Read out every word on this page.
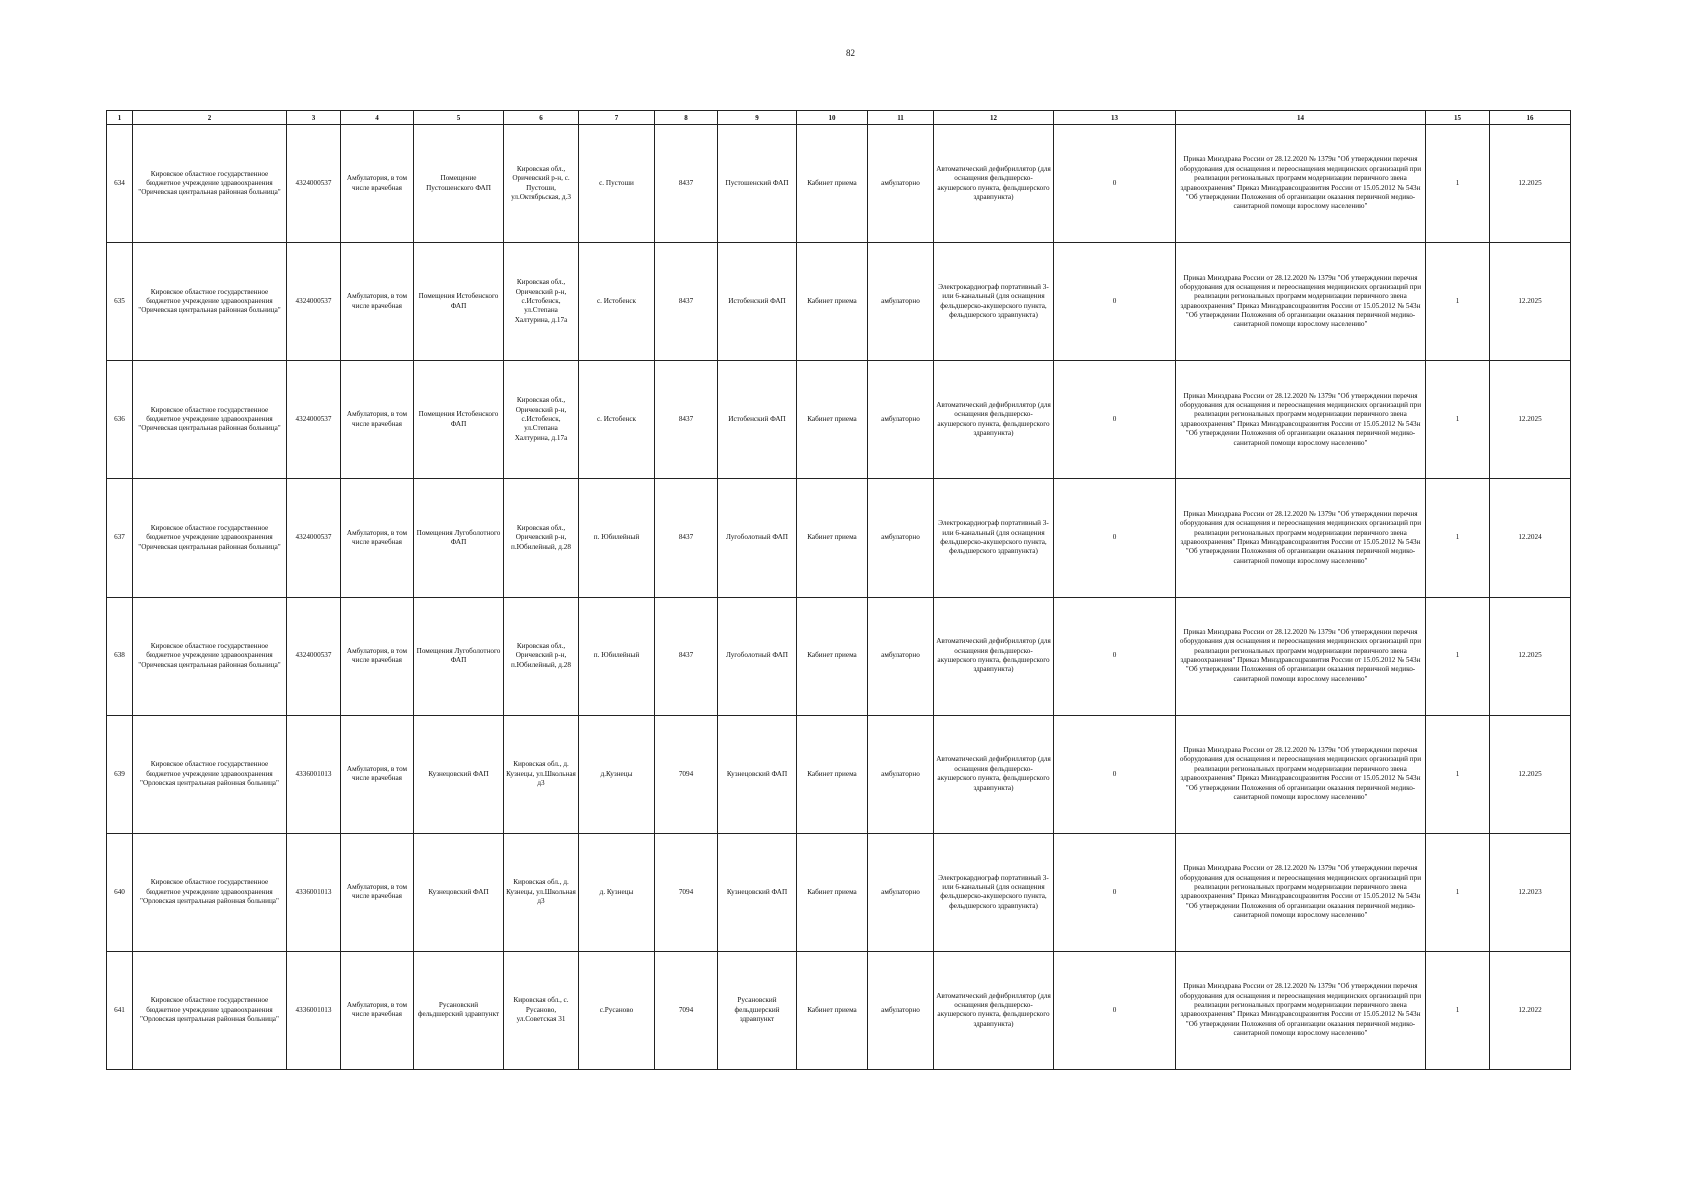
82
1	2	3	4	5	6	7	8	9	10	11	12	13	14	15	16
634	Кировское областное государственное бюджетное учреждение здравоохранения "Оричевская центральная районная больница"	4324000537	Амбулатория, в том числе врачебная	Помещение Пустошенского ФАП	Кировская обл., Оричевский р-н, с. Пустоши, ул.Октябрьская, д.3	с. Пустоши	8437	Пустошенский ФАП	Кабинет приема	амбулаторно	Автоматический дефибриллятор (для оснащения фельдшерско-акушерского пункта, фельдшерского здравпункта)	0	Приказ Минздрава России от 28.12.2020 № 1379н "Об утверждении перечня оборудования для оснащения и переоснащения медицинских организаций при реализации региональных программ модернизации первичного звена здравоохранения" Приказ Минздравсоцразвития России от 15.05.2012 № 543н "Об утверждении Положения об организации оказания первичной медико-санитарной помощи взрослому населению"	1	12.2025
635	Кировское областное государственное бюджетное учреждение здравоохранения "Оричевская центральная районная больница"	4324000537	Амбулатория, в том числе врачебная	Помещения Истобенского ФАП	Кировская обл., Оричевский р-н, с.Истобенск, ул.Степана Халтурина, д.17а	с. Истобенск	8437	Истобенский ФАП	Кабинет приема	амбулаторно	Электрокардиограф портативный 3- или 6-канальный (для оснащения фельдшерско-акушерского пункта, фельдшерского здравпункта)	0	Приказ Минздрава России от 28.12.2020 № 1379н "Об утверждении перечня оборудования для оснащения и переоснащения медицинских организаций при реализации региональных программ модернизации первичного звена здравоохранения" Приказ Минздравсоцразвития России от 15.05.2012 № 543н "Об утверждении Положения об организации оказания первичной медико-санитарной помощи взрослому населению"	1	12.2025
636	Кировское областное государственное бюджетное учреждение здравоохранения "Оричевская центральная районная больница"	4324000537	Амбулатория, в том числе врачебная	Помещения Истобенского ФАП	Кировская обл., Оричевский р-н, с.Истобенск, ул.Степана Халтурина, д.17а	с. Истобенск	8437	Истобенский ФАП	Кабинет приема	амбулаторно	Автоматический дефибриллятор (для оснащения фельдшерско-акушерского пункта, фельдшерского здравпункта)	0	Приказ Минздрава России от 28.12.2020 № 1379н "Об утверждении перечня оборудования для оснащения и переоснащения медицинских организаций при реализации региональных программ модернизации первичного звена здравоохранения" Приказ Минздравсоцразвития России от 15.05.2012 № 543н "Об утверждении Положения об организации оказания первичной медико-санитарной помощи взрослому населению"	1	12.2025
637	Кировское областное государственное бюджетное учреждение здравоохранения "Оричевская центральная районная больница"	4324000537	Амбулатория, в том числе врачебная	Помещения Лугоболотного ФАП	Кировская обл., Оричевский р-н, п.Юбилейный, д.28	п. Юбилейный	8437	Лугоболотный ФАП	Кабинет приема	амбулаторно	Электрокардиограф портативный 3- или 6-канальный (для оснащения фельдшерско-акушерского пункта, фельдшерского здравпункта)	0	Приказ Минздрава России от 28.12.2020 № 1379н "Об утверждении перечня оборудования для оснащения и переоснащения медицинских организаций при реализации региональных программ модернизации первичного звена здравоохранения" Приказ Минздравсоцразвития России от 15.05.2012 № 543н "Об утверждении Положения об организации оказания первичной медико-санитарной помощи взрослому населению"	1	12.2024
638	Кировское областное государственное бюджетное учреждение здравоохранения "Оричевская центральная районная больница"	4324000537	Амбулатория, в том числе врачебная	Помещения Лугоболотного ФАП	Кировская обл., Оричевский р-н, п.Юбилейный, д.28	п. Юбилейный	8437	Лугоболотный ФАП	Кабинет приема	амбулаторно	Автоматический дефибриллятор (для оснащения фельдшерско-акушерского пункта, фельдшерского здравпункта)	0	Приказ Минздрава России от 28.12.2020 № 1379н "Об утверждении перечня оборудования для оснащения и переоснащения медицинских организаций при реализации региональных программ модернизации первичного звена здравоохранения" Приказ Минздравсоцразвития России от 15.05.2012 № 543н "Об утверждении Положения об организации оказания первичной медико-санитарной помощи взрослому населению"	1	12.2025
639	Кировское областное государственное бюджетное учреждение здравоохранения "Орловская центральная районная больница"	4336001013	Амбулатория, в том числе врачебная	Кузнецовский ФАП	Кировская обл., д. Кузнецы, ул.Школьная д3	д.Кузнецы	7094	Кузнецовский ФАП	Кабинет приема	амбулаторно	Автоматический дефибриллятор (для оснащения фельдшерско-акушерского пункта, фельдшерского здравпункта)	0	Приказ Минздрава России от 28.12.2020 № 1379н "Об утверждении перечня оборудования для оснащения и переоснащения медицинских организаций при реализации региональных программ модернизации первичного звена здравоохранения" Приказ Минздравсоцразвития России от 15.05.2012 № 543н "Об утверждении Положения об организации оказания первичной медико-санитарной помощи взрослому населению"	1	12.2025
640	Кировское областное государственное бюджетное учреждение здравоохранения "Орловская центральная районная больница"	4336001013	Амбулатория, в том числе врачебная	Кузнецовский ФАП	Кировская обл., д. Кузнецы, ул.Школьная д3	д. Кузнецы	7094	Кузнецовский ФАП	Кабинет приема	амбулаторно	Электрокардиограф портативный 3- или 6-канальный (для оснащения фельдшерско-акушерского пункта, фельдшерского здравпункта)	0	Приказ Минздрава России от 28.12.2020 № 1379н "Об утверждении перечня оборудования для оснащения и переоснащения медицинских организаций при реализации региональных программ модернизации первичного звена здравоохранения" Приказ Минздравсоцразвития России от 15.05.2012 № 543н "Об утверждении Положения об организации оказания первичной медико-санитарной помощи взрослому населению"	1	12.2023
641	Кировское областное государственное бюджетное учреждение здравоохранения "Орловская центральная районная больница"	4336001013	Амбулатория, в том числе врачебная	Русановский фельдшерский здравпункт	Кировская обл., с. Русаново, ул.Советская 31	с.Русаново	7094	Русановский фельдшерский здравпункт	Кабинет приема	амбулаторно	Автоматический дефибриллятор (для оснащения фельдшерско-акушерского пункта, фельдшерского здравпункта)	0	Приказ Минздрава России от 28.12.2020 № 1379н "Об утверждении перечня оборудования для оснащения и переоснащения медицинских организаций при реализации региональных программ модернизации первичного звена здравоохранения" Приказ Минздравсоцразвития России от 15.05.2012 № 543н "Об утверждении Положения об организации оказания первичной медико-санитарной помощи взрослому населению"	1	12.2022
